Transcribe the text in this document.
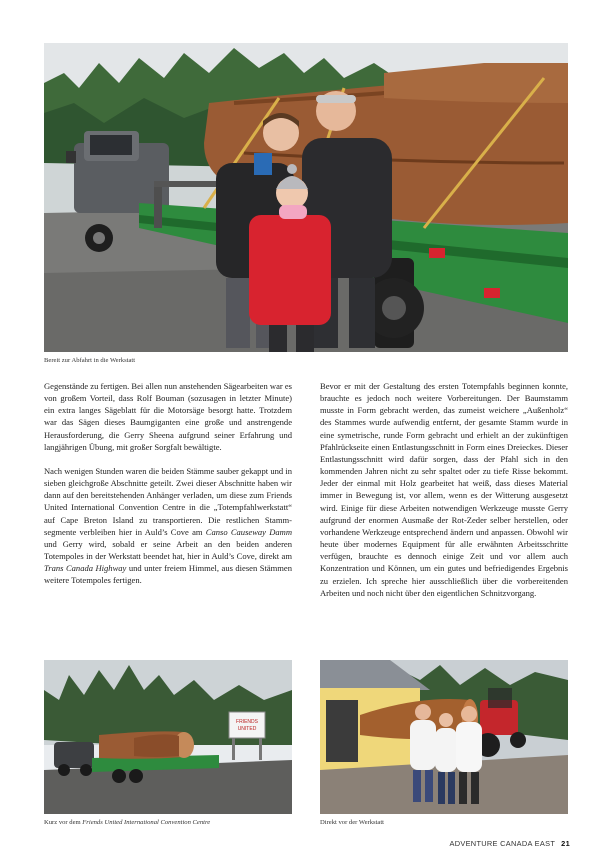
Bereit zur Abfahrt in die Werkstatt

Gegenstände zu fertigen. Bei allen nun anstehenden Sägearbeiten war es von großem Vorteil, dass Rolf Bouman (sozusagen in letzter Minute) ein extra langes Sägeblatt für die Motorsäge besorgt hatte. Trotzdem war das Sägen dieses Baumgiganten eine große und anstrengende Herausforderung, die Gerry Sheena aufgrund seiner Erfahrung und langjährigen Übung, mit großer Sorgfalt bewältigte.

Nach wenigen Stunden waren die beiden Stämme sauber gekappt und in sieben gleichgroße Abschnitte geteilt. Zwei dieser Abschnitte haben wir dann auf den bereitstehenden Anhänger verladen, um diese zum Friends United International Convention Centre in die „Totempfahlwerkstatt“ auf Cape Breton Island zu transportieren. Die restlichen Stammsegmente verbleiben hier in Auld’s Cove am Canso Causeway Damm und Gerry wird, sobald er seine Arbeit an den beiden anderen Totempoles in der Werkstatt beendet hat, hier in Auld’s Cove, direkt am Trans Canada Highway und unter freiem Himmel, aus diesen Stämmen weitere Totempoles fertigen.

Bevor er mit der Gestaltung des ersten Totempfahls beginnen konnte, brauchte es jedoch noch weitere Vorbereitungen. Der Baumstamm musste in Form gebracht werden, das zumeist weichere „Außenholz“ des Stammes wurde aufwendig entfernt, der gesamte Stamm wurde in eine symetrische, runde Form gebracht und erhielt an der zukünftigen Pfahlrückseite einen Entlastungsschnitt in Form eines Dreieckes. Dieser Entlastungsschnitt wird dafür sorgen, dass der Pfahl sich in den kommenden Jahren nicht zu sehr spaltet oder zu tiefe Risse bekommt. Jeder der einmal mit Holz gearbeitet hat weiß, dass dieses Material immer in Bewegung ist, vor allem, wenn es der Witterung ausgesetzt wird. Einige für diese Arbeiten notwendigen Werkzeuge musste Gerry aufgrund der enormen Ausmaße der Rot-Zeder selber herstellen, oder vorhandene Werkzeuge entsprechend ändern und anpassen. Obwohl wir heute über modernes Equipment für alle erwähnten Arbeitsschritte verfügen, brauchte es dennoch einige Zeit und vor allem auch Konzentration und Können, um ein gutes und befriedigendes Ergebnis zu erzielen. Ich spreche hier ausschließlich über die vorbereitenden Arbeiten und noch nicht über den eigentlichen Schnitzvorgang.

FRIENDS
UNITED
Kurz vor dem Friends United International Convention Centre	Direkt vor der Werkstatt
ADVENTURE CANADA EAST 21
